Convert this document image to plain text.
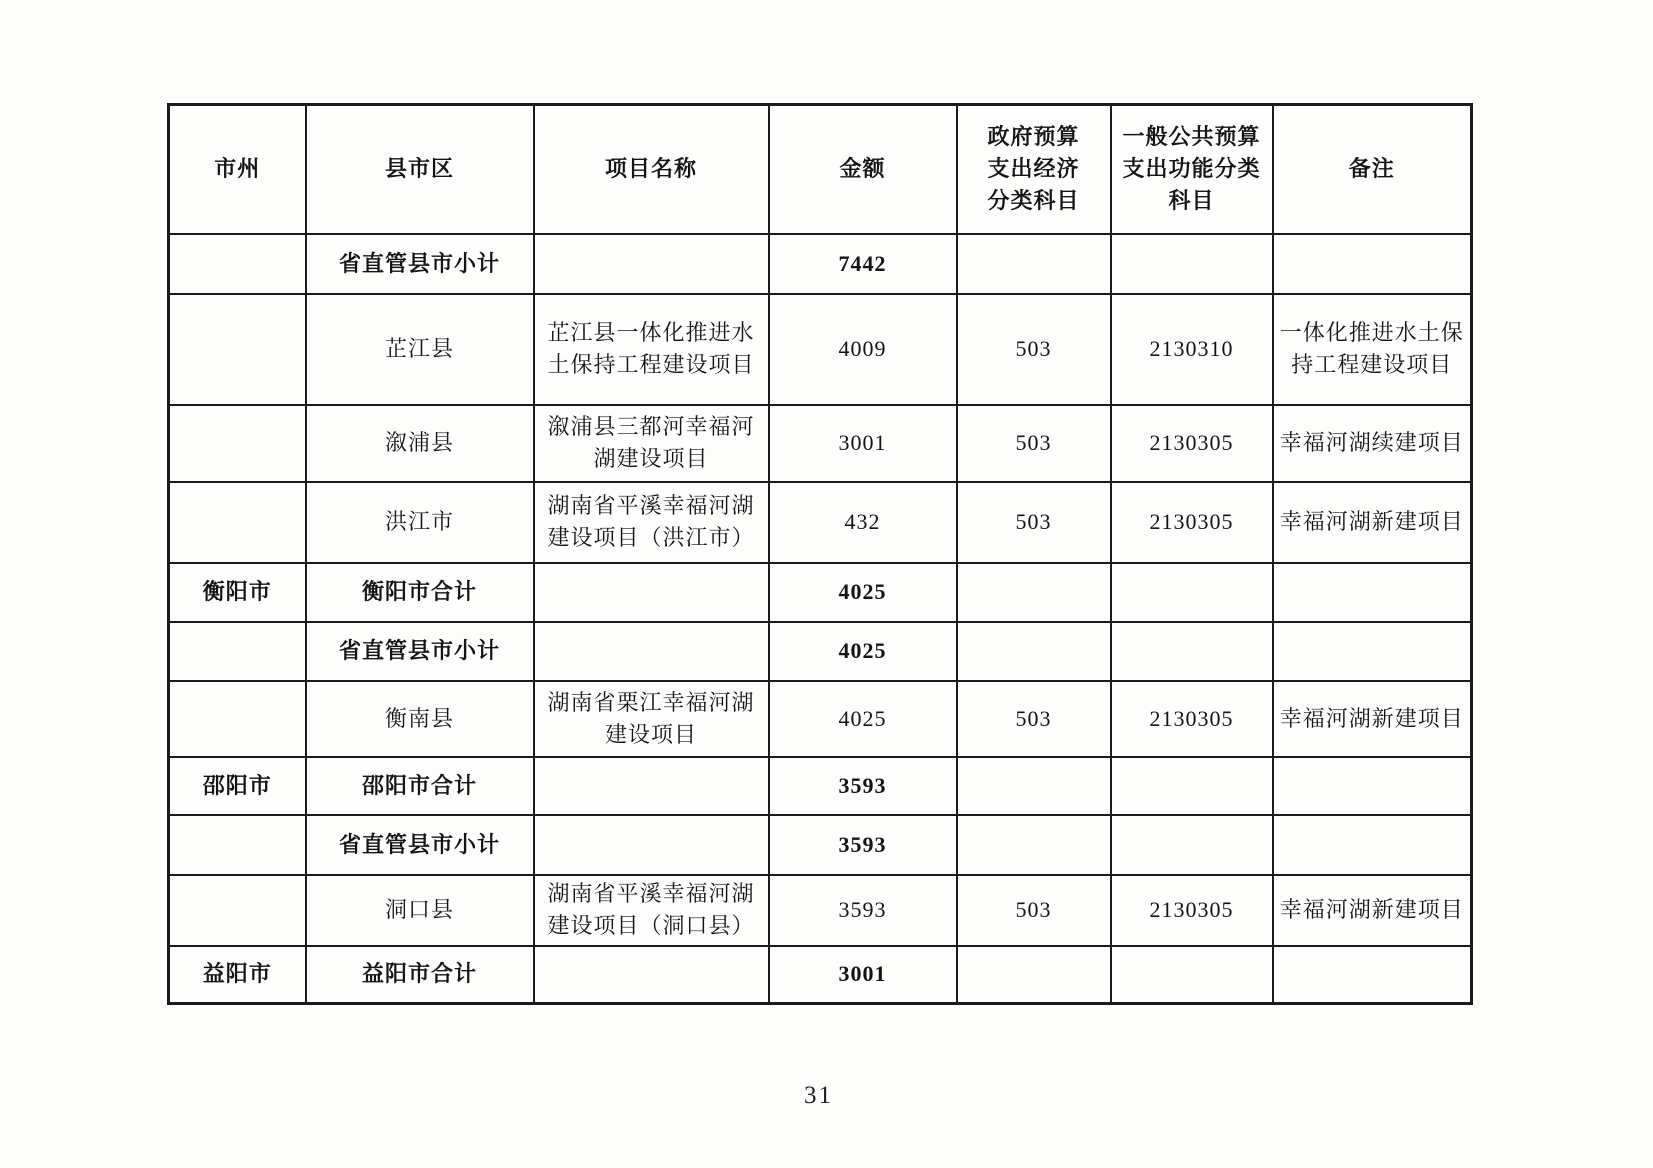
市州	县市区	项目名称	金额	政府预算支出经济分类科目	一般公共预算支出功能分类科目	备注
	省直管县市小计		7442			
	芷江县	芷江县一体化推进水土保持工程建设项目	4009	503	2130310	一体化推进水土保持工程建设项目
	溆浦县	溆浦县三都河幸福河湖建设项目	3001	503	2130305	幸福河湖续建项目
	洪江市	湖南省平溪幸福河湖建设项目（洪江市）	432	503	2130305	幸福河湖新建项目
衡阳市	衡阳市合计		4025			
	省直管县市小计		4025			
	衡南县	湖南省栗江幸福河湖建设项目	4025	503	2130305	幸福河湖新建项目
邵阳市	邵阳市合计		3593			
	省直管县市小计		3593			
	洞口县	湖南省平溪幸福河湖建设项目（洞口县）	3593	503	2130305	幸福河湖新建项目
益阳市	益阳市合计		3001			
31
